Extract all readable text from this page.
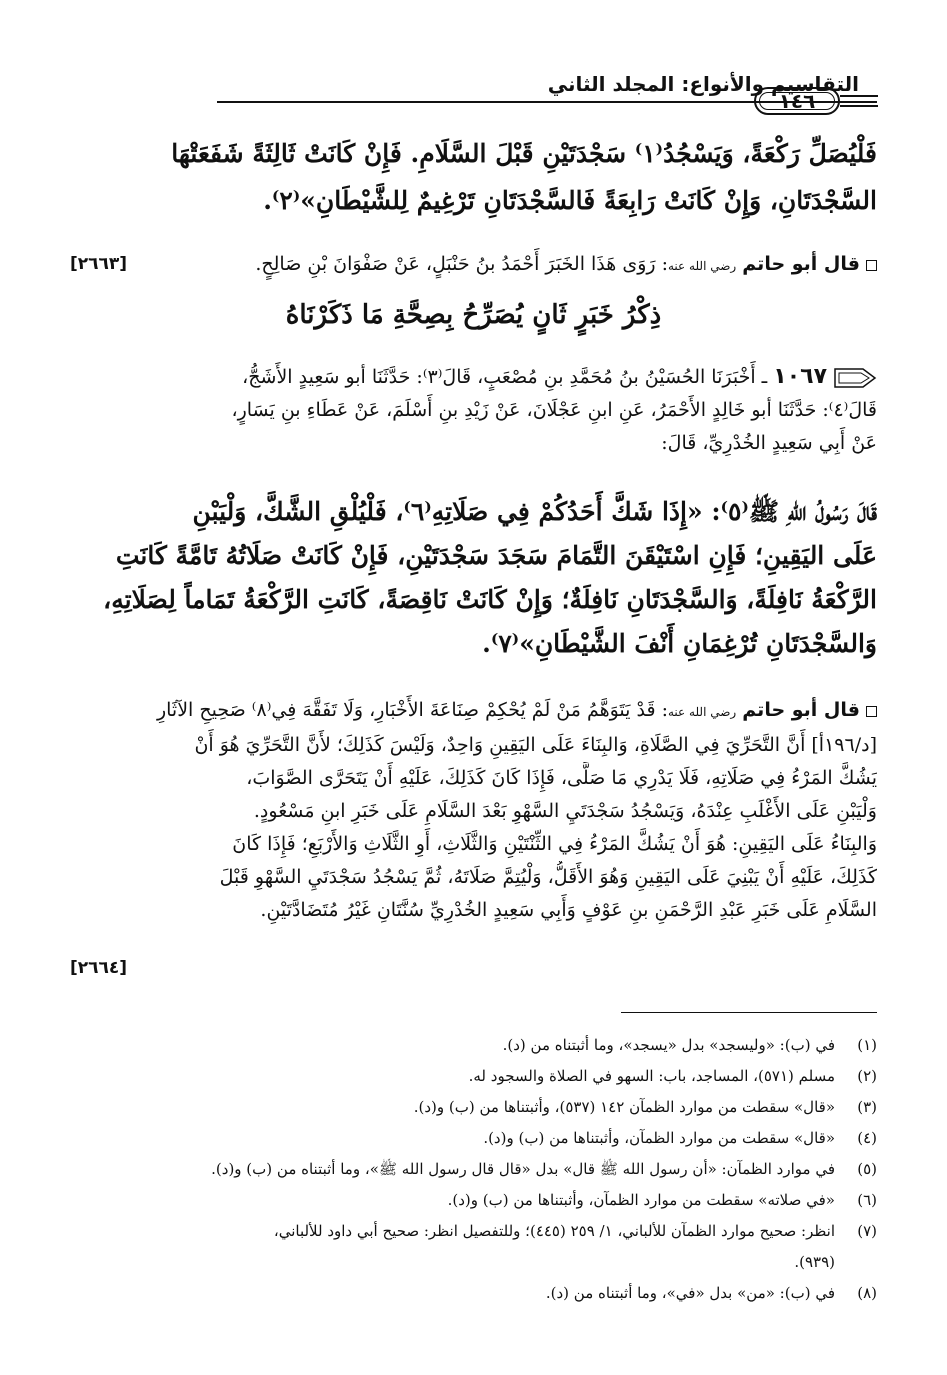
التقاسيم والأنواع: المجلد الثاني
١٤٦
فَلْيُصَلِّ رَكْعَةً، وَيَسْجُدُ⁽١⁾ سَجْدَتَيْنِ قَبْلَ السَّلَامِ. فَإِنْ كَانَتْ ثَالِثَةً شَفَعَتْهَا
السَّجْدَتَانِ، وَإِنْ كَانَتْ رَابِعَةً فَالسَّجْدَتَانِ تَرْغِيمٌ لِلشَّيْطَانِ»⁽٢⁾.
قال أبو حاتم رضي الله عنه: رَوَى هَذَا الخَبَرَ أَحْمَدُ بنُ حَنْبَلٍ، عَنْ صَفْوَانَ بْنِ صَالِحٍ.
[٢٦٦٣]
ذِكْرُ خَبَرٍ ثَانٍ يُصَرِّحُ بِصِحَّةِ مَا ذَكَرْنَاهُ
١٠٦٧ ـ أَخْبَرَنَا الحُسَيْنُ بنُ مُحَمَّدِ بنِ مُصْعَبٍ، قَالَ⁽٣⁾: حَدَّثَنَا أبو سَعِيدٍ الأَشَجُّ،
قَالَ⁽٤⁾: حَدَّثَنَا أبو خَالِدٍ الأَحْمَرُ، عَنِ ابنِ عَجْلَانَ، عَنْ زَيْدِ بنِ أَسْلَمَ، عَنْ عَطَاءِ بنِ يَسَارٍ،
عَنْ أَبِي سَعِيدٍ الخُدْرِيِّ، قَالَ:
قَالَ رَسُولُ اللهِ ﷺ⁽٥⁾: «إِذَا شَكَّ أَحَدُكُمْ فِي صَلَاتِهِ⁽٦⁾، فَلْيُلْقِ الشَّكَّ، وَلْيَبْنِ
عَلَى اليَقِينِ؛ فَإِنِ اسْتَيْقَنَ التَّمَامَ سَجَدَ سَجْدَتَيْنِ، فَإِنْ كَانَتْ صَلَاتُهُ تَامَّةً كَانَتِ
الرَّكْعَةُ نَافِلَةً، وَالسَّجْدَتَانِ نَافِلَةٌ؛ وَإِنْ كَانَتْ نَاقِصَةً، كَانَتِ الرَّكْعَةُ تَمَاماً لِصَلَاتِهِ،
وَالسَّجْدَتَانِ تُرْغِمَانِ أَنْفَ الشَّيْطَانِ»⁽٧⁾.
قال أبو حاتم رضي الله عنه: قَدْ يَتَوَهَّمُ مَنْ لَمْ يُحْكِمْ صِنَاعَةَ الأَخْبَارِ، وَلَا تَفَقَّهَ فِي⁽٨⁾ صَحِيحِ الآثَارِ
[د/١٩٦أ] أَنَّ التَّحَرِّيَ فِي الصَّلَاةِ، وَالبِنَاءَ عَلَى اليَقِينِ وَاحِدٌ، وَلَيْسَ كَذَلِكَ؛ لأَنَّ التَّحَرِّيَ هُوَ أَنْ
يَشُكَّ المَرْءُ فِي صَلَاتِهِ، فَلَا يَدْرِي مَا صَلَّى، فَإِذَا كَانَ كَذَلِكَ، عَلَيْهِ أَنْ يَتَحَرَّى الصَّوَابَ،
وَلْيَبْنِ عَلَى الأَغْلَبِ عِنْدَهُ، وَيَسْجُدُ سَجْدَتَيِ السَّهْوِ بَعْدَ السَّلَامِ عَلَى خَبَرِ ابنِ مَسْعُودٍ.
وَالبِنَاءُ عَلَى اليَقِينِ: هُوَ أَنْ يَشُكَّ المَرْءُ فِي الثِّنْتَيْنِ وَالثَّلَاثِ، أَوِ الثَّلَاثِ وَالأَرْبَعِ؛ فَإِذَا كَانَ
كَذَلِكَ، عَلَيْهِ أَنْ يَبْنِيَ عَلَى اليَقِينِ وَهُوَ الأَقَلُّ، وَلْيُتِمَّ صَلَاتَهُ، ثُمَّ يَسْجُدُ سَجْدَتَيِ السَّهْوِ قَبْلَ
السَّلَامِ عَلَى خَبَرِ عَبْدِ الرَّحْمَنِ بنِ عَوْفٍ وَأَبِي سَعِيدٍ الخُدْرِيِّ سُنَّتَانِ غَيْرُ مُتَضَادَّتَيْنِ.
[٢٦٦٤]
(١)
في (ب): «وليسجد» بدل «يسجد»، وما أثبتناه من (د).
(٢)
مسلم (٥٧١)، المساجد، باب: السهو في الصلاة والسجود له.
(٣)
«قال» سقطت من موارد الظمآن ١٤٢ (٥٣٧)، وأثبتناها من (ب) و(د).
(٤)
«قال» سقطت من موارد الظمآن، وأثبتناها من (ب) و(د).
(٥)
في موارد الظمآن: «أن رسول الله ﷺ قال» بدل «قال قال رسول الله ﷺ»، وما أثبتناه من (ب) و(د).
(٦)
«في صلاته» سقطت من موارد الظمآن، وأثبتناها من (ب) و(د).
(٧)
انظر: صحيح موارد الظمآن للألباني، ١/ ٢٥٩ (٤٤٥)؛ وللتفصيل انظر: صحيح أبي داود للألباني،
(٩٣٩).
(٨)
في (ب): «من» بدل «في»، وما أثبتناه من (د).
